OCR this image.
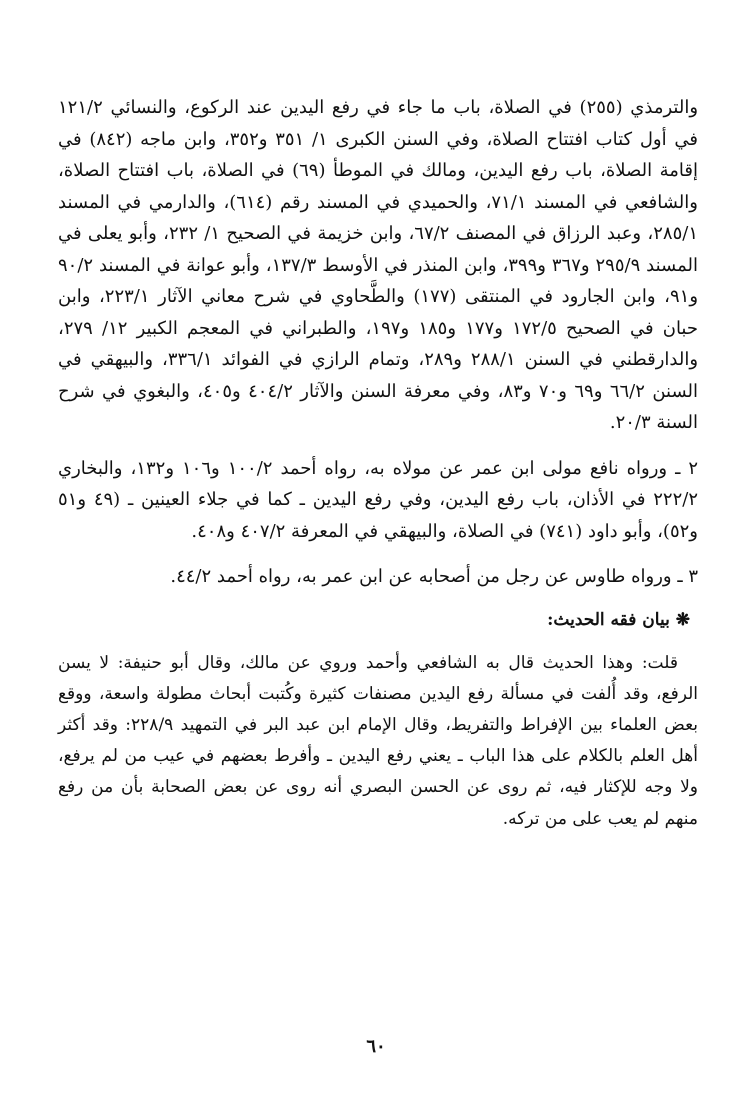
والترمذي (٢٥٥) في الصلاة، باب ما جاء في رفع اليدين عند الركوع، والنسائي ١٢١/٢ في أول كتاب افتتاح الصلاة، وفي السنن الكبرى ١/ ٣٥١ و٣٥٢، وابن ماجه (٨٤٢) في إقامة الصلاة، باب رفع اليدين، ومالك في الموطأ (٦٩) في الصلاة، باب افتتاح الصلاة، والشافعي في المسند ٧١/١، والحميدي في المسند رقم (٦١٤)، والدارمي في المسند ٢٨٥/١، وعبد الرزاق في المصنف ٦٧/٢، وابن خزيمة في الصحيح ١/ ٢٣٢، وأبو يعلى في المسند ٢٩٥/٩ و٣٦٧ و٣٩٩، وابن المنذر في الأوسط ١٣٧/٣، وأبو عوانة في المسند ٩٠/٢ و٩١، وابن الجارود في المنتقى (١٧٧) والطَّحاوي في شرح معاني الآثار ٢٢٣/١، وابن حبان في الصحيح ١٧٢/٥ و١٧٧ و١٨٥ و١٩٧، والطبراني في المعجم الكبير ١٢/ ٢٧٩، والدارقطني في السنن ٢٨٨/١ و٢٨٩، وتمام الرازي في الفوائد ٣٣٦/١، والبيهقي في السنن ٦٦/٢ و٦٩ و٧٠ و٨٣، وفي معرفة السنن والآثار ٤٠٤/٢ و٤٠٥، والبغوي في شرح السنة ٢٠/٣.

٢ ـ ورواه نافع مولى ابن عمر عن مولاه به، رواه أحمد ١٠٠/٢ و١٠٦ و١٣٢، والبخاري ٢٢٢/٢ في الأذان، باب رفع اليدين، وفي رفع اليدين ـ كما في جلاء العينين ـ (٤٩ و٥١ و٥٢)، وأبو داود (٧٤١) في الصلاة، والبيهقي في المعرفة ٤٠٧/٢ و٤٠٨.

٣ ـ ورواه طاوس عن رجل من أصحابه عن ابن عمر به، رواه أحمد ٤٤/٢.

❋ بيان فقه الحديث:

قلت: وهذا الحديث قال به الشافعي وأحمد وروي عن مالك، وقال أبو حنيفة: لا يسن الرفع، وقد أُلفت في مسألة رفع اليدين مصنفات كثيرة وكُتبت أبحاث مطولة واسعة، ووقع بعض العلماء بين الإفراط والتفريط، وقال الإمام ابن عبد البر في التمهيد ٢٢٨/٩: وقد أكثر أهل العلم بالكلام على هذا الباب ـ يعني رفع اليدين ـ وأفرط بعضهم في عيب من لم يرفع، ولا وجه للإكثار فيه، ثم روى عن الحسن البصري أنه روى عن بعض الصحابة بأن من رفع منهم لم يعب على من تركه.

٦٠
